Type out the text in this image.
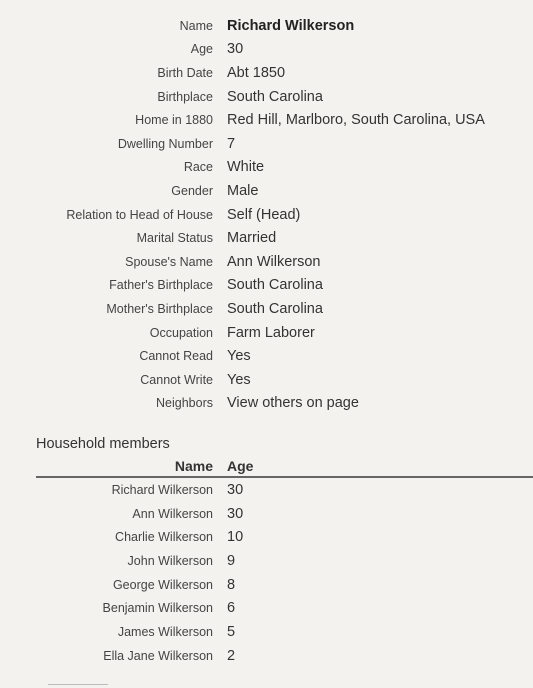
Name Richard Wilkerson
Age 30
Birth Date Abt 1850
Birthplace South Carolina
Home in 1880 Red Hill, Marlboro, South Carolina, USA
Dwelling Number 7
Race White
Gender Male
Relation to Head of House Self (Head)
Marital Status Married
Spouse's Name Ann Wilkerson
Father's Birthplace South Carolina
Mother's Birthplace South Carolina
Occupation Farm Laborer
Cannot Read Yes
Cannot Write Yes
Neighbors View others on page
Household members
Name	Age
Richard Wilkerson 30
Ann Wilkerson 30
Charlie Wilkerson 10
John Wilkerson 9
George Wilkerson 8
Benjamin Wilkerson 6
James Wilkerson 5
Ella Jane Wilkerson 2
